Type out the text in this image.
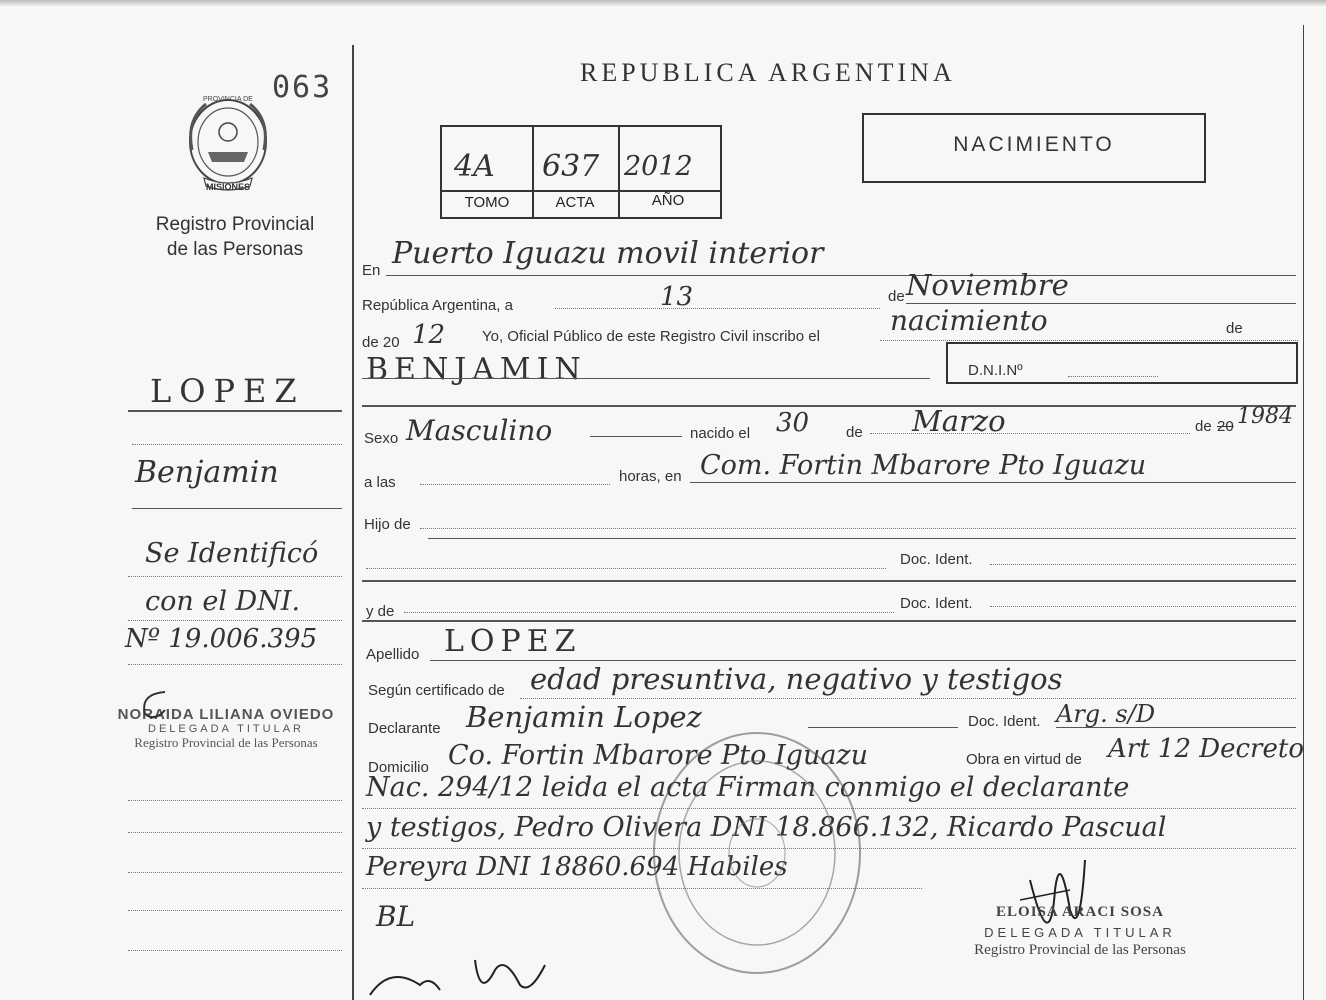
PROVINCIA DE
MISIONES
063
Registro Provincial
de las Personas
REPUBLICA ARGENTINA
4A 637 2012
TOMO	ACTA	AÑO
NACIMIENTO
LOPEZ
Benjamin
Se Identificó
con el DNI.
Nº 19.006.395
NORAIDA LILIANA OVIEDO
DELEGADA TITULAR
Registro Provincial de las Personas
En Puerto Iguazu movil interior
República Argentina, a	13	de Noviembre
de 20 12 Yo, Oficial Público de este Registro Civil inscribo el	nacimiento	de
BENJAMIN	D.N.I.Nº
Sexo Masculino	nacido el 30 de Marzo	de 20 1984
a las	horas, en Com. Fortin Mbarore Pto Iguazu
Hijo de
Doc. Ident.
y de	Doc. Ident.
Apellido LOPEZ
Según certificado de edad presuntiva, negativo y testigos
Declarante Benjamin Lopez	Doc. Ident. Arg. s/D
Domicilio Co. Fortin Mbarore Pto Iguazu	Obra en virtud de Art 12 Decreto
Nac. 294/12 leida el acta Firman conmigo el declarante
y testigos, Pedro Olivera DNI 18.866.132, Ricardo Pascual
Pereyra DNI 18860.694 Habiles
BL	ELOISA ARACI SOSA
DELEGADA TITULAR
Registro Provincial de las Personas
